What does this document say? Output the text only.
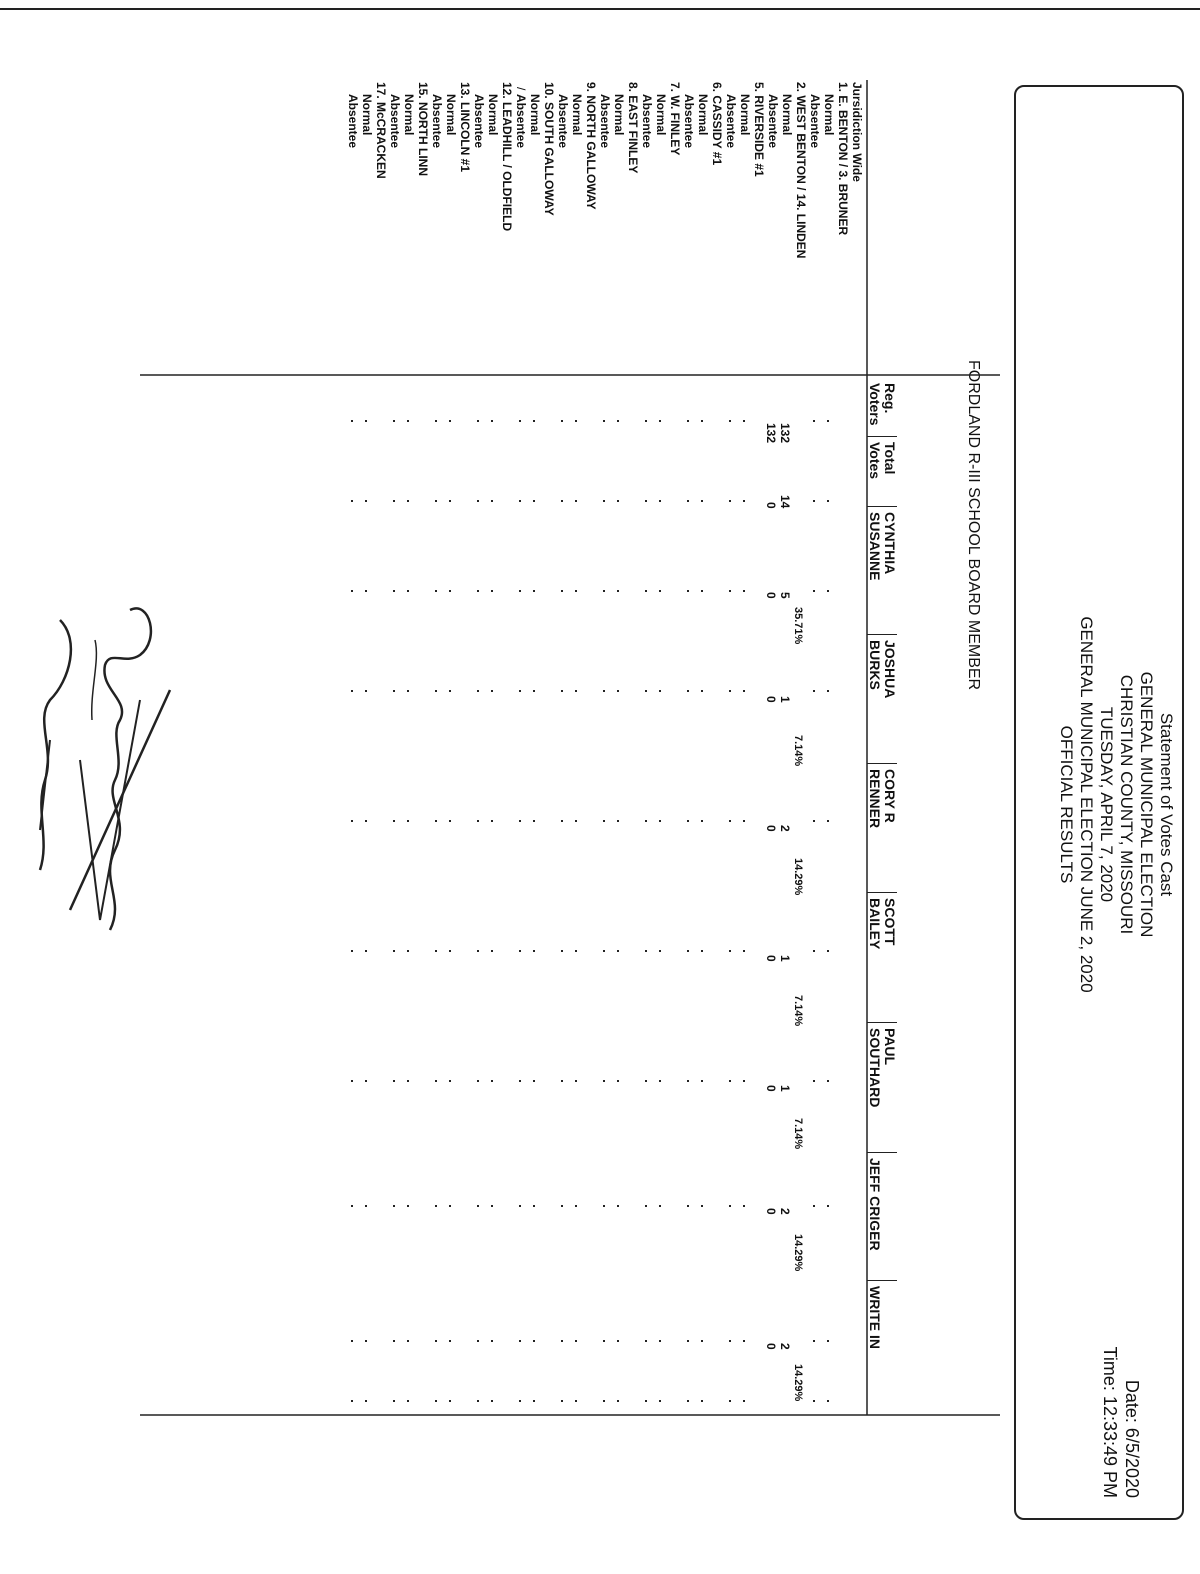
Statement of Votes Cast
GENERAL MUNICIPAL ELECTION
CHRISTIAN COUNTY, MISSOURI
TUESDAY, APRIL 7, 2020
GENERAL MUNICIPAL ELECTION JUNE 2, 2020
OFFICIAL RESULTS
Date: 6/5/2020
Time: 12:33:49 PM
FORDLAND R-III SCHOOL BOARD MEMBER
Reg.
Voters
Total
Votes
CYNTHIA
SUSANNE
JOSHUA
BURKS
CORY R
RENNER
SCOTT
BAILEY
PAUL
SOUTHARD
JEFF CRIGER
WRITE IN
/	Jursidiction Wide
1. E. BENTON / 3. BRUNER
Normal
Absentee
2. WEST BENTON / 14. LINDEN
Normal
Absentee
5. RIVERSIDE #1
Normal
Absentee
6. CASSIDY #1
Normal
Absentee
7. W. FINLEY
Normal
Absentee
8. EAST FINLEY
Normal
Absentee
9. NORTH GALLOWAY
Normal
Absentee
10. SOUTH GALLOWAY
Normal
Absentee
12. LEADHILL / OLDFIELD
Normal
Absentee
13. LINCOLN #1
Normal
Absentee
15. NORTH LINN
Normal
Absentee
17. McCRACKEN
Normal
Absentee
132
14
5
35.71%
1
7.14%
2
14.29%
1
7.14%
1
7.14%
2
14.29%
2
14.29%
132
0
0
0
0
0
0
0
0
